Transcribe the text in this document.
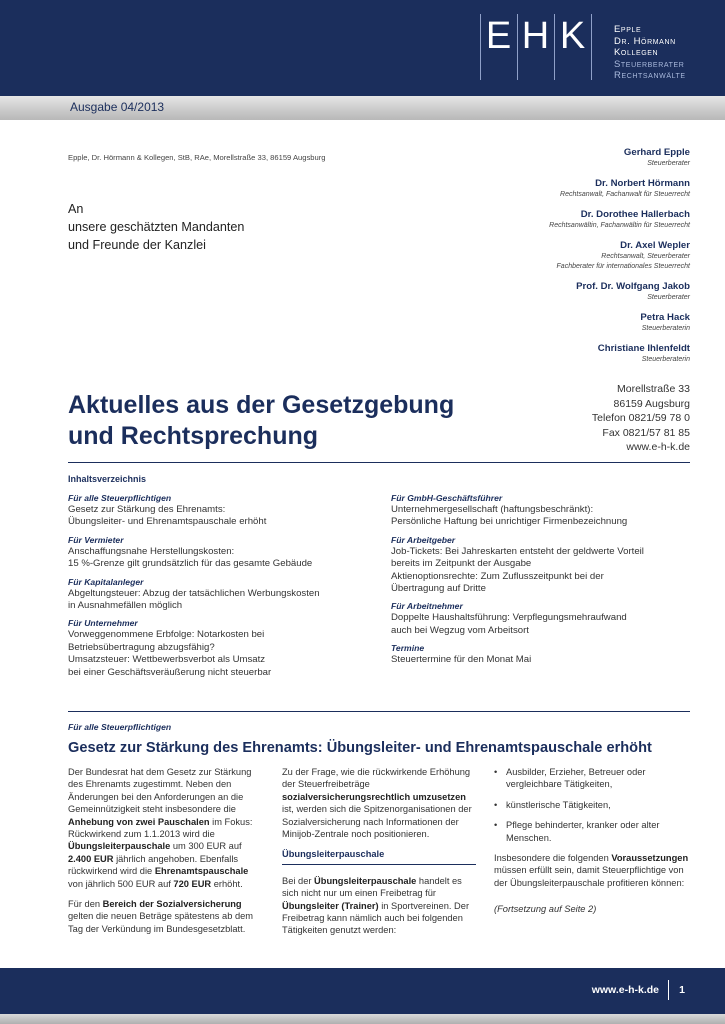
E H K	Epple
Dr. Hörmann
Kollegen
Steuerberater
Rechtsanwälte
Ausgabe 04/2013
Epple, Dr. Hörmann & Kollegen, StB, RAe, Morellstraße 33, 86159 Augsburg
An
unsere geschätzten Mandanten
und Freunde der Kanzlei
Gerhard Epple
Steuerberater
Dr. Norbert Hörmann
Rechtsanwalt, Fachanwalt für Steuerrecht
Dr. Dorothee Hallerbach
Rechtsanwältin, Fachanwältin für Steuerrecht
Dr. Axel Wepler
Rechtsanwalt, Steuerberater
Fachberater für internationales Steuerrecht
Prof. Dr. Wolfgang Jakob
Steuerberater
Petra Hack
Steuerberaterin
Christiane Ihlenfeldt
Steuerberaterin
Morellstraße 33
86159 Augsburg
Telefon 0821/59 78 0
Fax 0821/57 81 85
www.e-h-k.de
Aktuelles aus der Gesetzgebung
und Rechtsprechung
Inhaltsverzeichnis
Für alle Steuerpflichtigen
Gesetz zur Stärkung des Ehrenamts:
Übungsleiter- und Ehrenamtspauschale erhöht
Für Vermieter
Anschaffungsnahe Herstellungskosten:
15 %-Grenze gilt grundsätzlich für das gesamte Gebäude
Für Kapitalanleger
Abgeltungsteuer: Abzug der tatsächlichen Werbungskosten
in Ausnahmefällen möglich
Für Unternehmer
Vorweggenommene Erbfolge: Notarkosten bei
Betriebsübertragung abzugsfähig?
Umsatzsteuer: Wettbewerbsverbot als Umsatz
bei einer Geschäftsveräußerung nicht steuerbar
Für GmbH-Geschäftsführer
Unternehmergesellschaft (haftungsbeschränkt):
Persönliche Haftung bei unrichtiger Firmenbezeichnung
Für Arbeitgeber
Job-Tickets: Bei Jahreskarten entsteht der geldwerte Vorteil
bereits im Zeitpunkt der Ausgabe
Aktienoptionsrechte: Zum Zuflusszeitpunkt bei der
Übertragung auf Dritte
Für Arbeitnehmer
Doppelte Haushaltsführung: Verpflegungsmehraufwand
auch bei Wegzug vom Arbeitsort
Termine
Steuertermine für den Monat Mai
Für alle Steuerpflichtigen
Gesetz zur Stärkung des Ehrenamts: Übungsleiter- und Ehrenamtspauschale erhöht

Der Bundesrat hat dem Gesetz zur Stärkung des Ehrenamts zugestimmt. Neben den Änderungen bei den Anforderungen an die Gemeinnützigkeit steht insbesondere die Anhebung von zwei Pauschalen im Fokus: Rückwirkend zum 1.1.2013 wird die Übungsleiterpauschale um 300 EUR auf 2.400 EUR jährlich angehoben. Ebenfalls rückwirkend wird die Ehrenamtspauschale von jährlich 500 EUR auf 720 EUR erhöht.

Für den Bereich der Sozialversicherung gelten die neuen Beträge spätestens ab dem Tag der Verkündung im Bundesgesetzblatt.

Zu der Frage, wie die rückwirkende Erhöhung der Steuerfreibeträge sozialversicherungsrechtlich umzusetzen ist, werden sich die Spitzenorganisationen der Sozialversicherung nach Informationen der Minijob-Zentrale noch positionieren.

Übungsleiterpauschale

Bei der Übungsleiterpauschale handelt es sich nicht nur um einen Freibetrag für Übungsleiter (Trainer) in Sportvereinen. Der Freibetrag kann nämlich auch bei folgenden Tätigkeiten genutzt werden:

• Ausbilder, Erzieher, Betreuer oder vergleichbare Tätigkeiten,
• künstlerische Tätigkeiten,
• Pflege behinderter, kranker oder alter Menschen.

Insbesondere die folgenden Voraussetzungen müssen erfüllt sein, damit Steuerpflichtige von der Übungsleiterpauschale profitieren können:

(Fortsetzung auf Seite 2)

www.e-h-k.de 1
